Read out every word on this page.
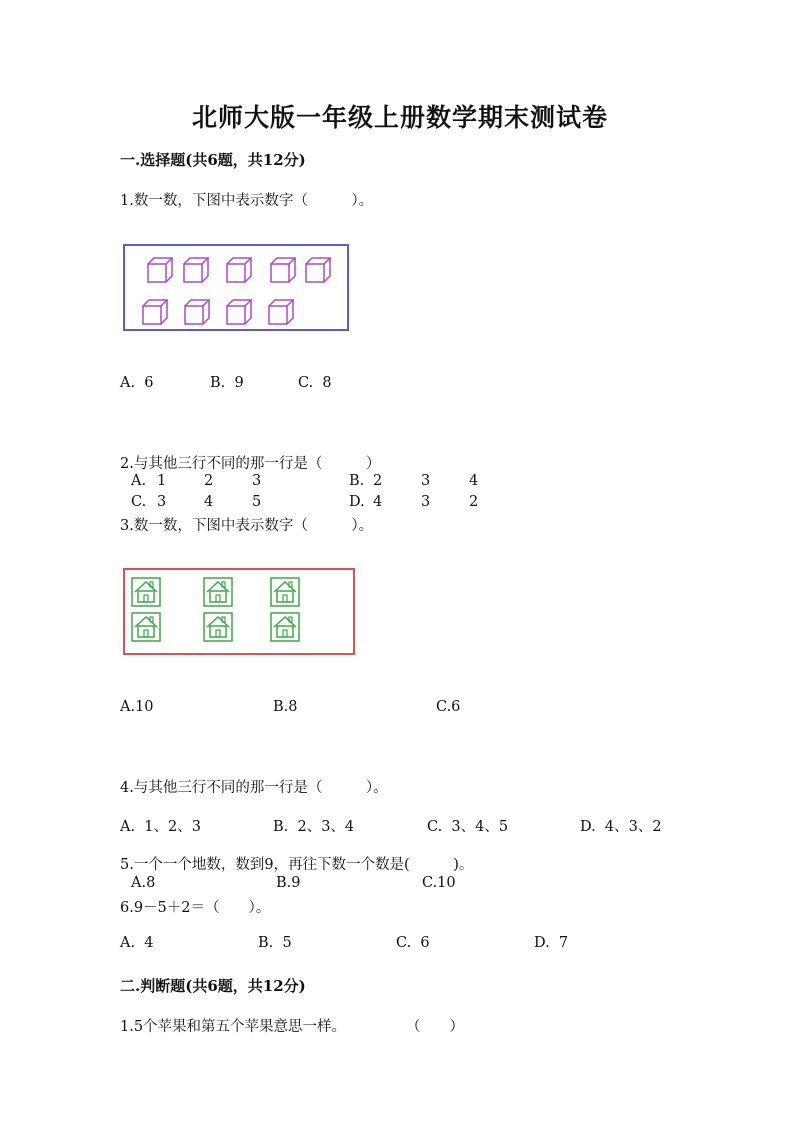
北师大版一年级上册数学期末测试卷
一.选择题(共6题，共12分)
1.数一数，下图中表示数字（　　　）。
A.  6	B.  9	C.  8
2.与其他三行不同的那一行是（　　　）
A. 1	2	3	B. 2	3	4
C. 3	4	5	D. 4	3	2
3.数一数，下图中表示数字（　　　）。
A.10	B.8	C.6
4.与其他三行不同的那一行是（　　　）。
A.  1、2、3	B.  2、3、4	C.  3、4、5	D.  4、3、2
5.一个一个地数，数到9，再往下数一个数是(　　　)。
A.8	B.9	C.10
6.9－5＋2＝（　　）。
A.  4	B.  5	C.  6	D.  7
二.判断题(共6题，共12分)
1.5个苹果和第五个苹果意思一样。	（　　）
